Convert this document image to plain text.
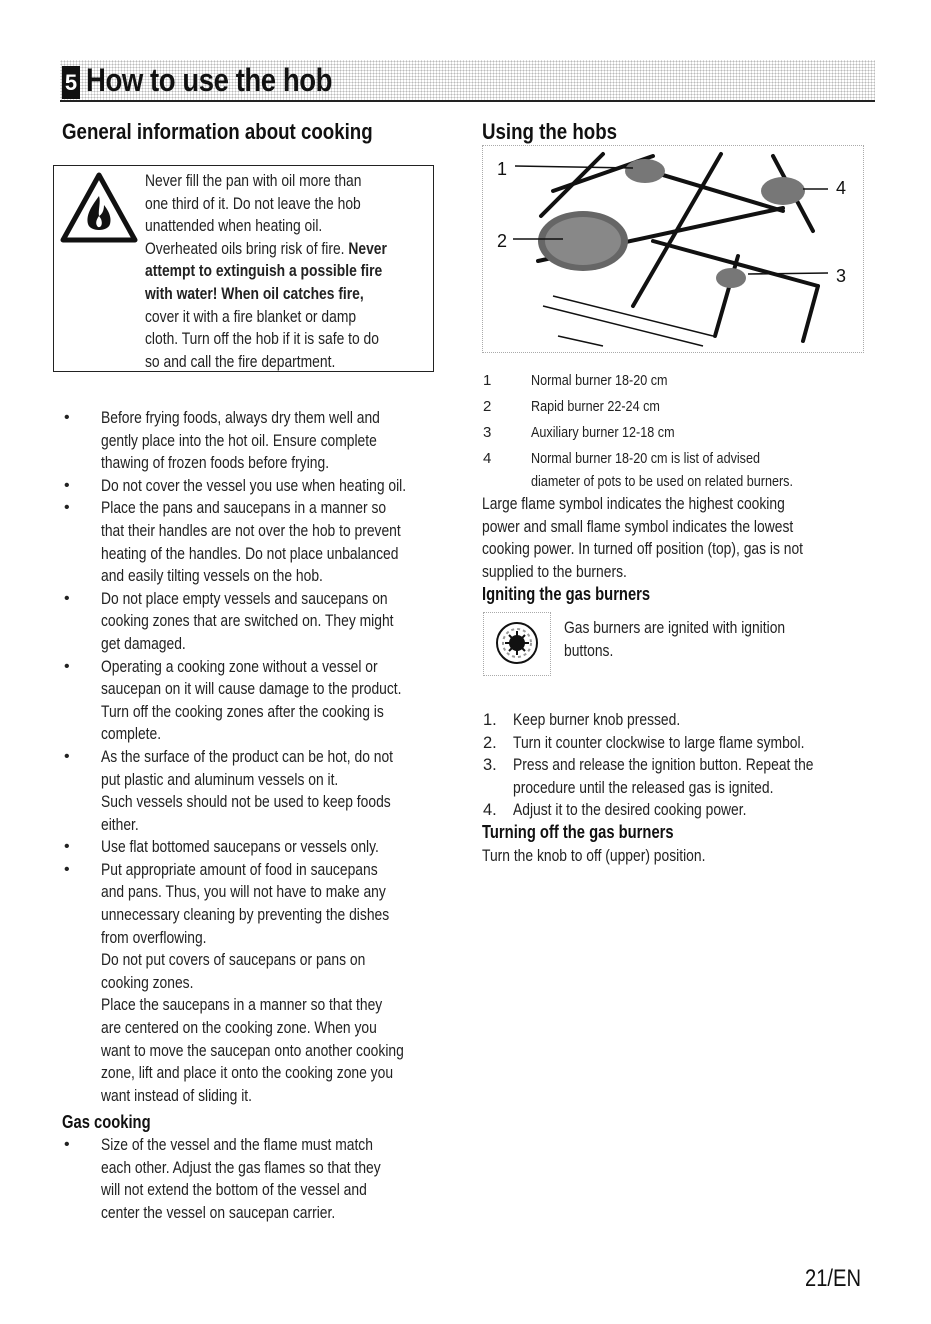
5 How to use the hob
General information about cooking
Never fill the pan with oil more than
one third of it. Do not leave the hob
unattended when heating oil.
Overheated oils bring risk of fire. Never
attempt to extinguish a possible fire
with water! When oil catches fire,
cover it with a fire blanket or damp
cloth. Turn off the hob if it is safe to do
so and call the fire department.
• Before frying foods, always dry them well and
gently place into the hot oil. Ensure complete
thawing of frozen foods before frying.
• Do not cover the vessel you use when heating oil.
• Place the pans and saucepans in a manner so
that their handles are not over the hob to prevent
heating of the handles. Do not place unbalanced
and easily tilting vessels on the hob.
• Do not place empty vessels and saucepans on
cooking zones that are switched on. They might
get damaged.
• Operating a cooking zone without a vessel or
saucepan on it will cause damage to the product.
Turn off the cooking zones after the cooking is
complete.
• As the surface of the product can be hot, do not
put plastic and aluminum vessels on it.
Such vessels should not be used to keep foods
either.
• Use flat bottomed saucepans or vessels only.
• Put appropriate amount of food in saucepans
and pans. Thus, you will not have to make any
unnecessary cleaning by preventing the dishes
from overflowing.
Do not put covers of saucepans or pans on
cooking zones.
Place the saucepans in a manner so that they
are centered on the cooking zone. When you
want to move the saucepan onto another cooking
zone, lift and place it onto the cooking zone you
want instead of sliding it.
Gas cooking
• Size of the vessel and the flame must match
each other. Adjust the gas flames so that they
will not extend the bottom of the vessel and
center the vessel on saucepan carrier.
Using the hobs
1
2
3
4
1	Normal burner 18-20 cm
2	Rapid burner 22-24 cm
3	Auxiliary burner 12-18 cm
4	Normal burner 18-20 cm is list of advised
diameter of pots to be used on related burners.
Large flame symbol indicates the highest cooking
power and small flame symbol indicates the lowest
cooking power. In turned off position (top), gas is not
supplied to the burners.
Igniting the gas burners
Gas burners are ignited with ignition
buttons.
1. Keep burner knob pressed.
2. Turn it counter clockwise to large flame symbol.
3. Press and release the ignition button. Repeat the
procedure until the released gas is ignited.
4. Adjust it to the desired cooking power.
Turning off the gas burners
Turn the knob to off (upper) position.
21/EN
